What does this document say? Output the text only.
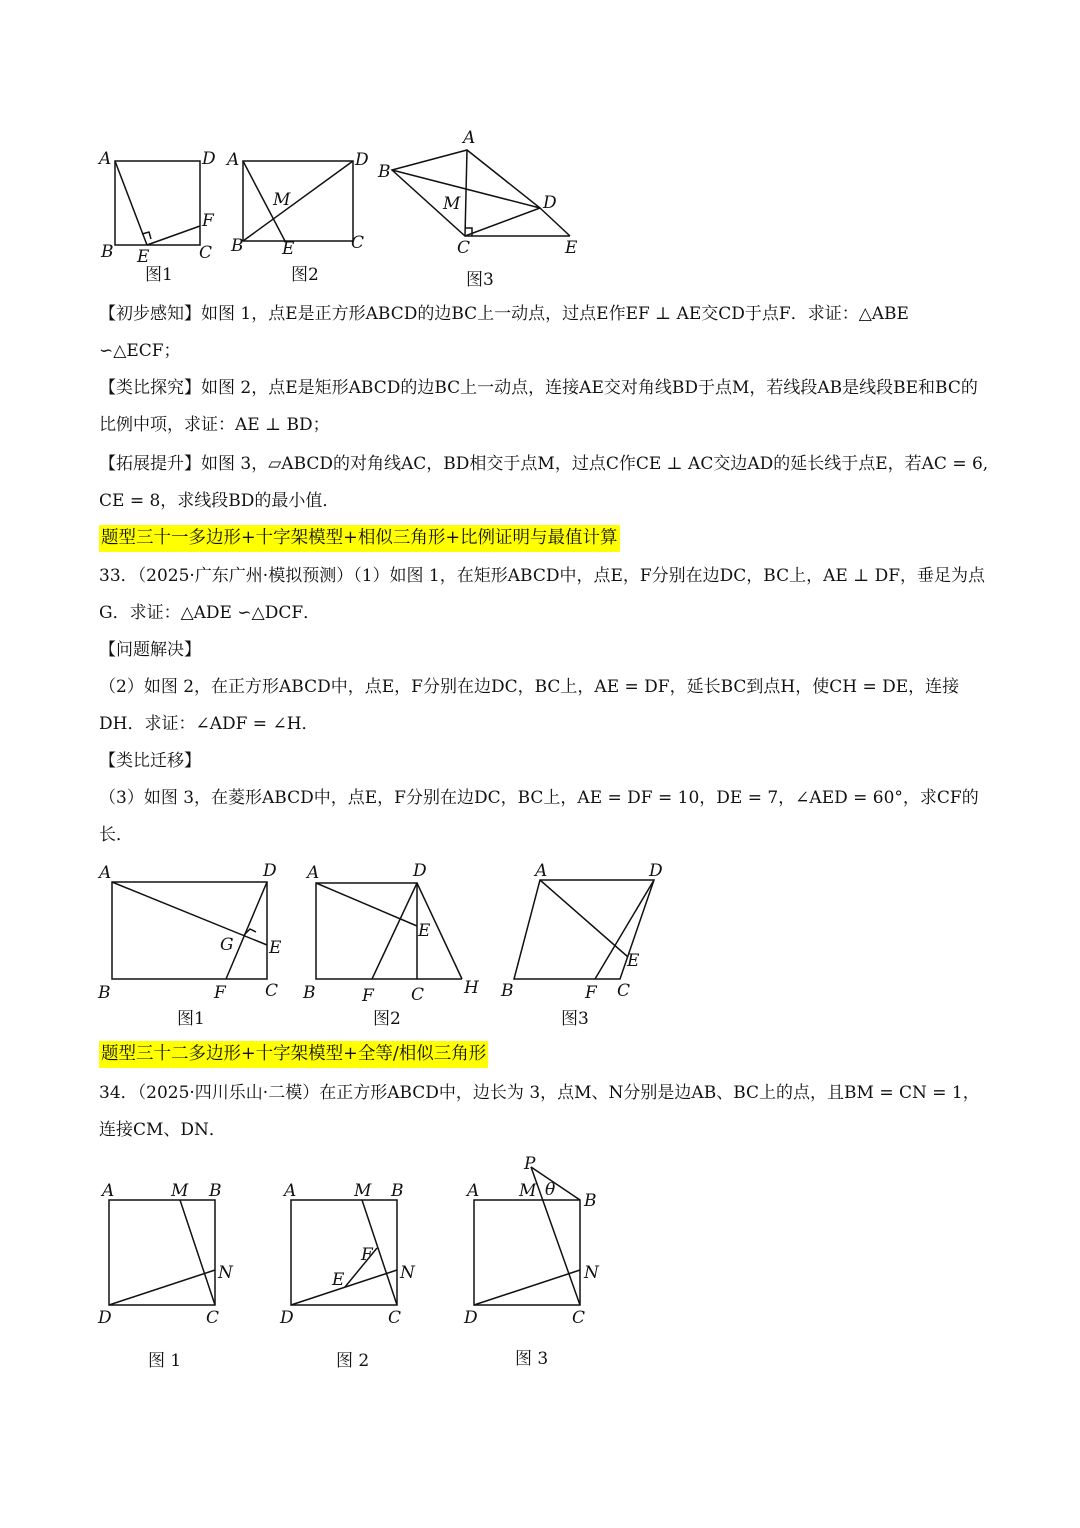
A	D
F
B E	C
图1
A	D
M
B E	C
图2
A
B
M	D
C	E
图3

【初步感知】如图 1，点E是正方形ABCD的边BC上一动点，过点E作EF ⊥ AE交CD于点F．求证：△ABE ∽△ECF；

【类比探究】如图 2，点E是矩形ABCD的边BC上一动点，连接AE交对角线BD于点M，若线段AB是线段BE和BC的比例中项，求证：AE ⊥ BD；

【拓展提升】如图 3，▱ABCD的对角线AC，BD相交于点M，过点C作CE ⊥ AC交边AD的延长线于点E，若AC = 6, CE = 8，求线段BD的最小值．

题型三十一多边形+十字架模型+相似三角形+比例证明与最值计算

33．（2025·广东广州·模拟预测）（1）如图 1，在矩形ABCD中，点E，F分别在边DC，BC上，AE ⊥ DF，垂足为点G．求证：△ADE ∽△DCF．

【问题解决】

（2）如图 2，在正方形ABCD中，点E，F分别在边DC，BC上，AE = DF，延长BC到点H，使CH = DE，连接DH．求证：∠ADF = ∠H．

【类比迁移】

（3）如图 3，在菱形ABCD中，点E，F分别在边DC，BC上，AE = DF = 10，DE = 7，∠AED = 60°，求CF的长．

A	D
G E
B	F C
图1
A	D
E
B	F C H
图2
A	D
E
B	F C
图3
题型三十二多边形+十字架模型+全等/相似三角形

34．（2025·四川乐山·二模）在正方形ABCD中，边长为 3，点M、N分别是边AB、BC上的点，且BM = CN = 1，连接CM、DN．

A	M B
N
D	C
图 1
A	M B
F
E	N
D	C
图 2
P
A M θ
B
N
D	C
图 3
